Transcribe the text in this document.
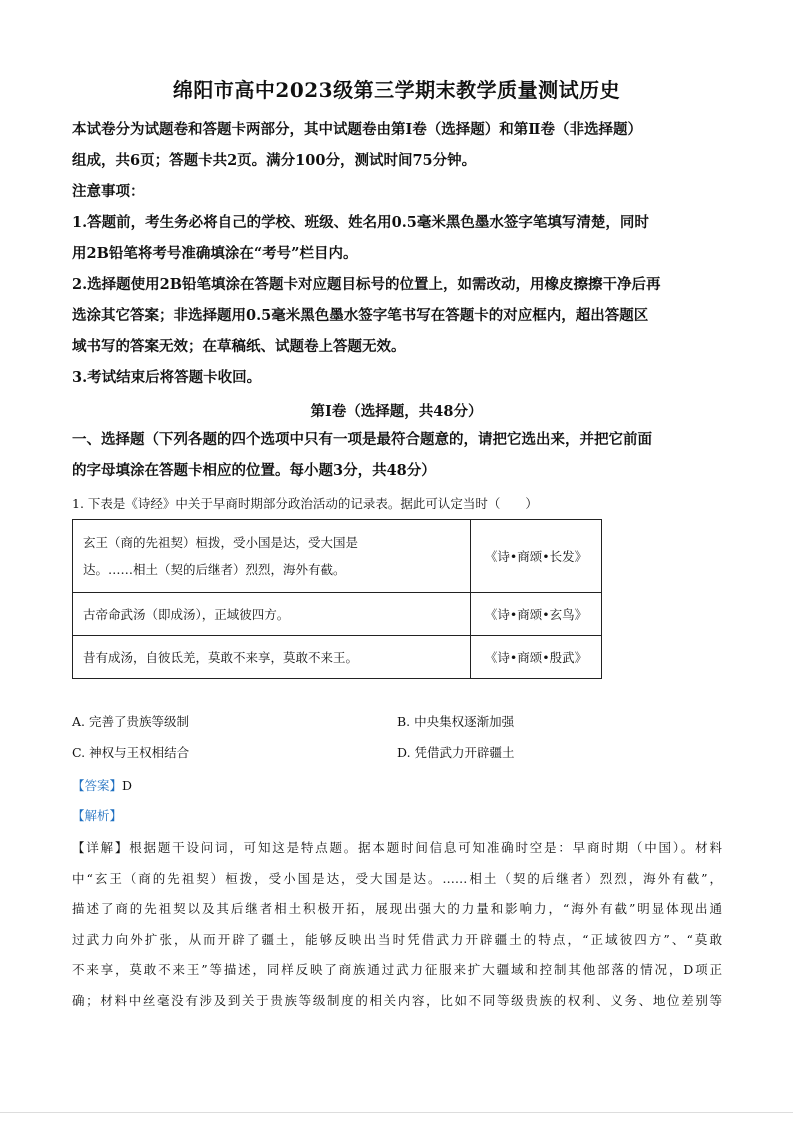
绵阳市高中2023级第三学期末教学质量测试历史

本试卷分为试题卷和答题卡两部分，其中试题卷由第Ⅰ卷（选择题）和第Ⅱ卷（非选择题）

组成，共6页；答题卡共2页。满分100分，测试时间75分钟。

注意事项：

1.答题前，考生务必将自己的学校、班级、姓名用0.5毫米黑色墨水签字笔填写清楚，同时

用2B铅笔将考号准确填涂在“考号”栏目内。

2.选择题使用2B铅笔填涂在答题卡对应题目标号的位置上，如需改动，用橡皮擦擦干净后再

选涂其它答案；非选择题用0.5毫米黑色墨水签字笔书写在答题卡的对应框内，超出答题区

域书写的答案无效；在草稿纸、试题卷上答题无效。

3.考试结束后将答题卡收回。

第Ⅰ卷（选择题，共48分）

一、选择题（下列各题的四个选项中只有一项是最符合题意的，请把它选出来，并把它前面

的字母填涂在答题卡相应的位置。每小题3分，共48分）

1. 下表是《诗经》中关于早商时期部分政治活动的记录表。据此可认定当时（　　）
玄王（商的先祖契）桓拨，受小国是达，受大国是
达。……相土（契的后继者）烈烈，海外有截。	《诗•商颂•长发》
古帝命武汤（即成汤），正域彼四方。	《诗•商颂•玄鸟》
昔有成汤，自彼氐羌，莫敢不来享，莫敢不来王。	《诗•商颂•殷武》
A. 完善了贵族等级制	B. 中央集权逐渐加强
C. 神权与王权相结合	D. 凭借武力开辟疆土
【答案】D
【解析】
【详解】根据题干设问词，可知这是特点题。据本题时间信息可知准确时空是：早商时期（中国）。材料
中“玄王（商的先祖契）桓拨，受小国是达，受大国是达。……相土（契的后继者）烈烈，海外有截”，
描述了商的先祖契以及其后继者相土积极开拓，展现出强大的力量和影响力，“海外有截”明显体现出通
过武力向外扩张，从而开辟了疆土，能够反映出当时凭借武力开辟疆土的特点，“正域彼四方”、“莫敢
不来享，莫敢不来王”等描述，同样反映了商族通过武力征服来扩大疆域和控制其他部落的情况，D项正
确；材料中丝毫没有涉及到关于贵族等级制度的相关内容，比如不同等级贵族的权利、义务、地位差别等
